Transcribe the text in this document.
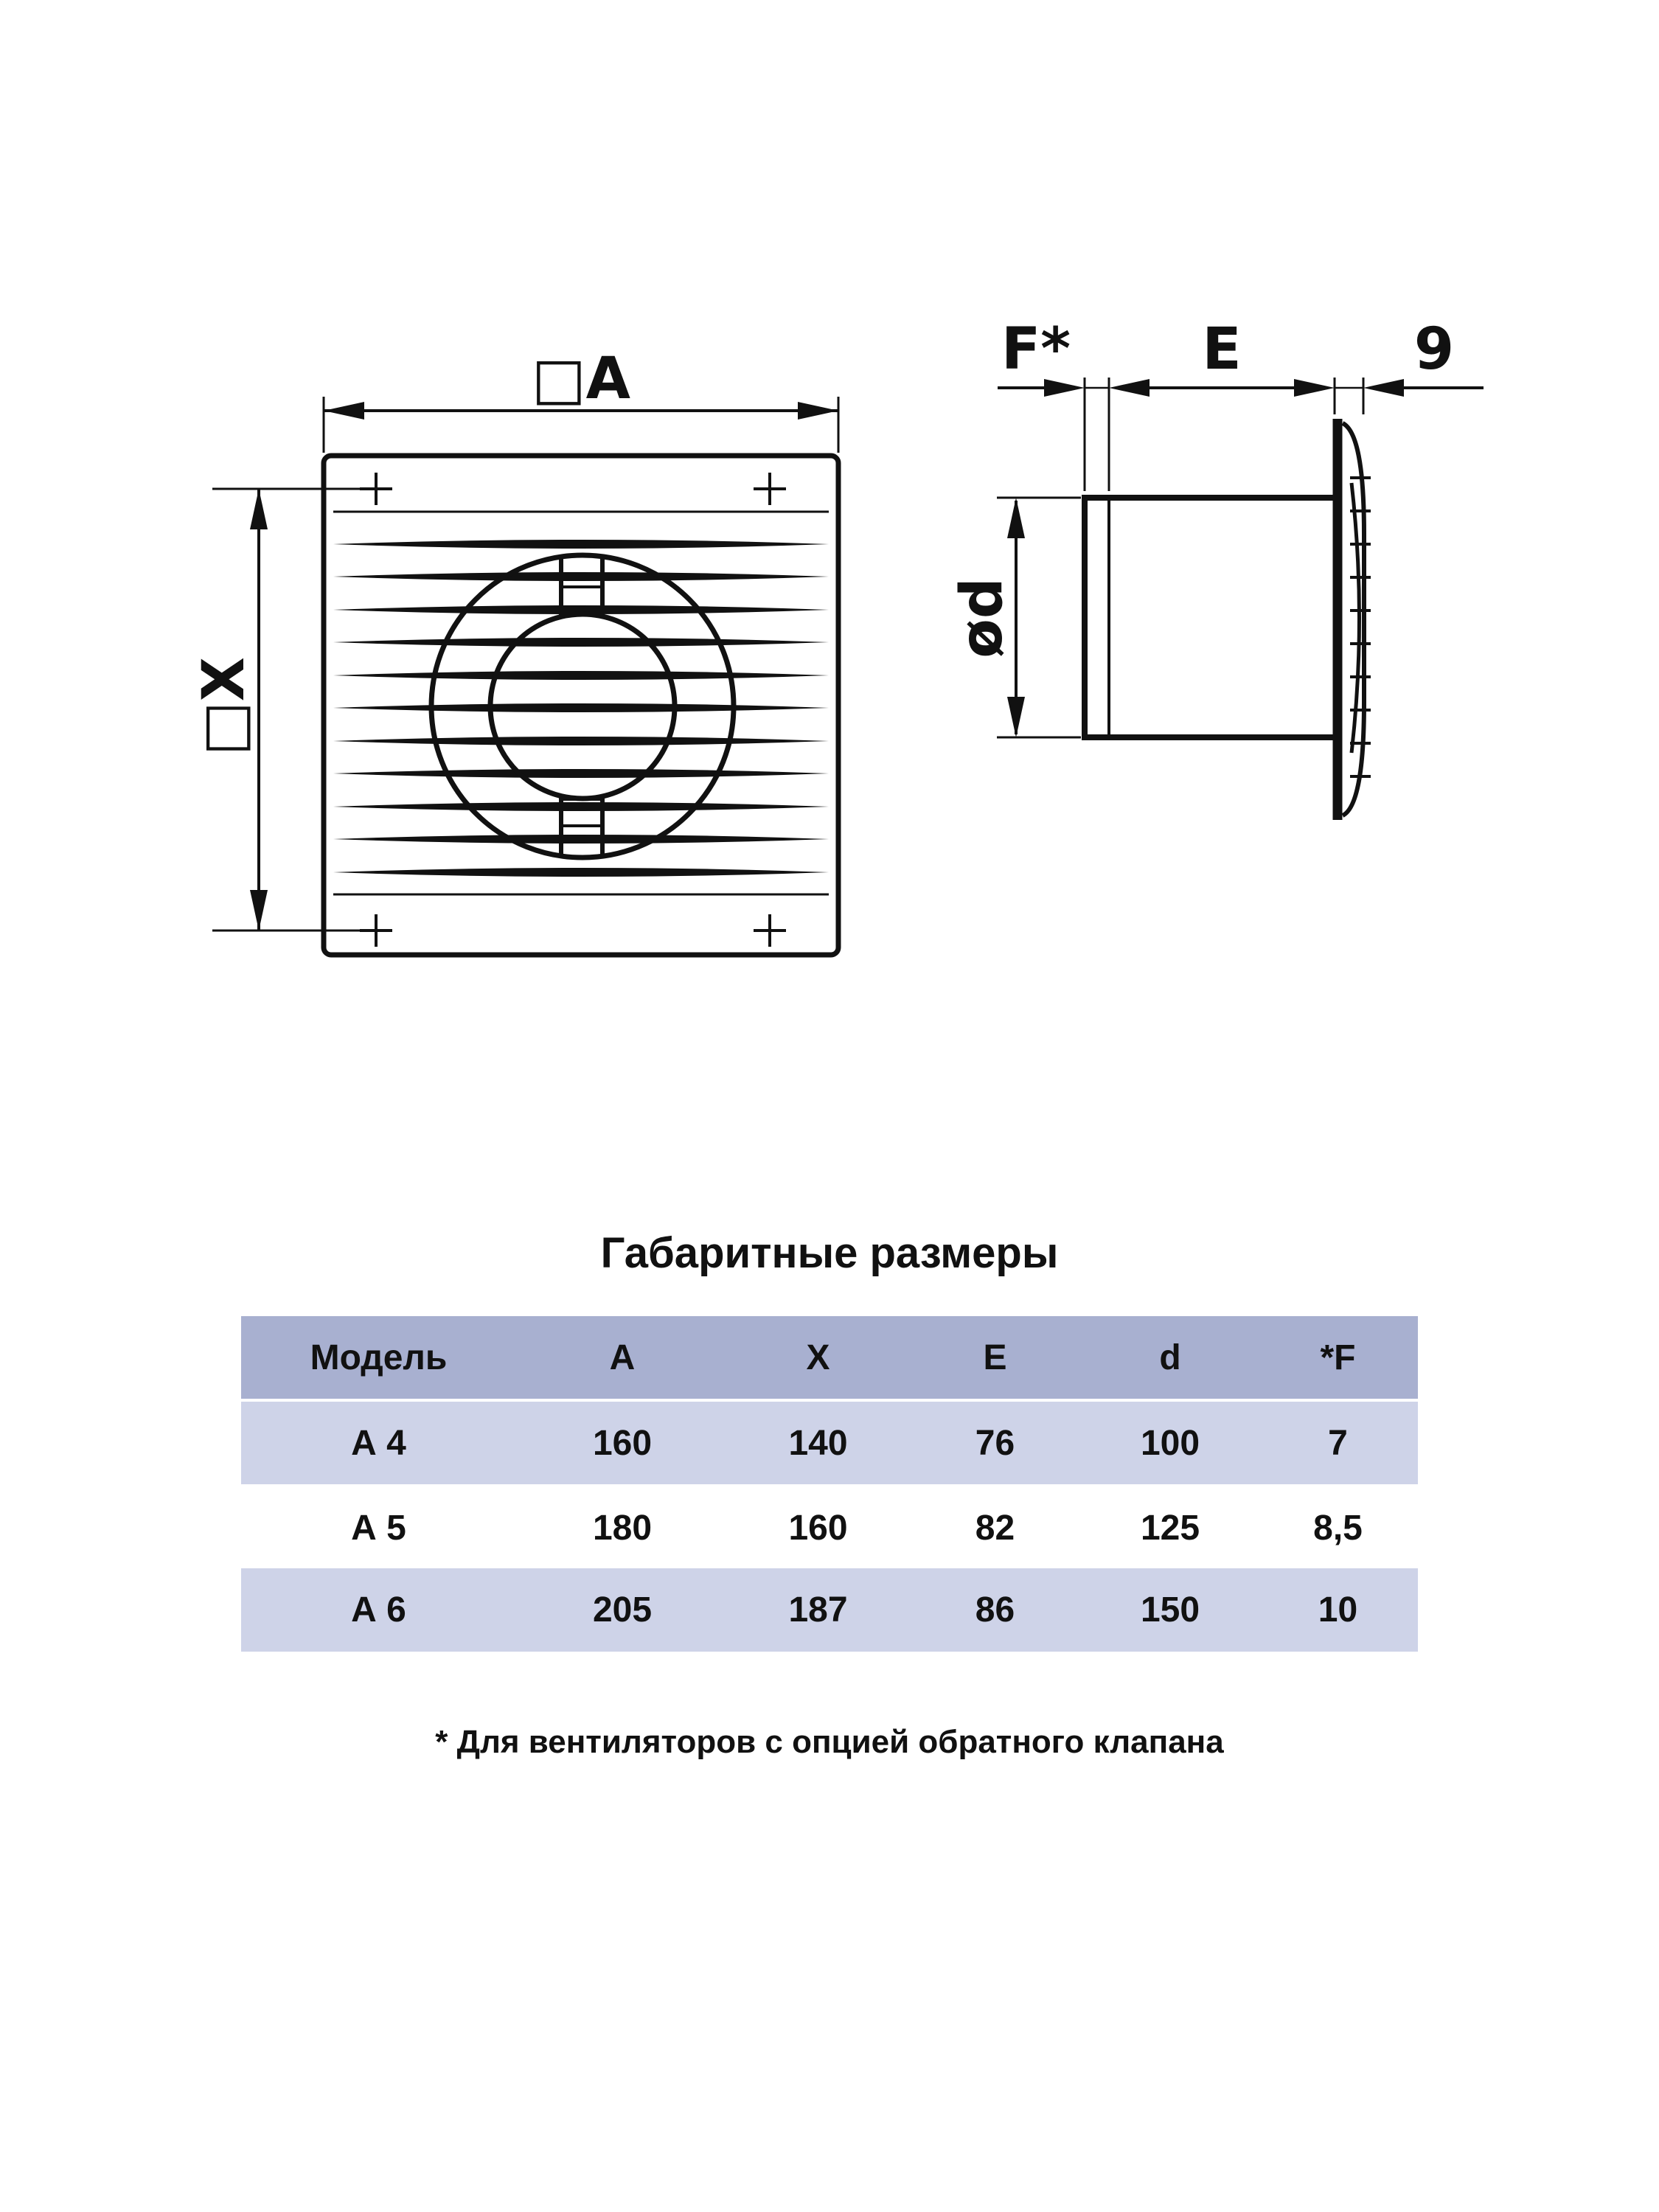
□A
□X
F* E	9
ød
Габаритные размеры
Модель	A	X	E	d	*F
А 4	160	140	76	100	7
А 5	180	160	82	125	8,5
А 6	205	187	86	150	10
* Для вентиляторов с опцией обратного клапана
